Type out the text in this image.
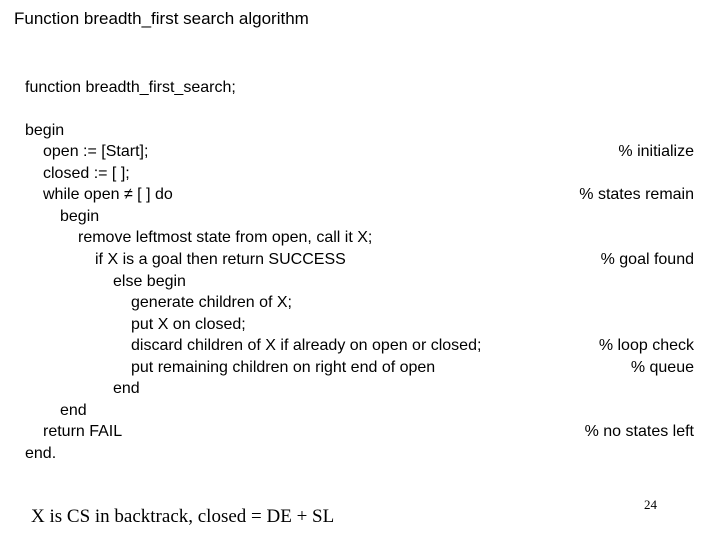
Function breadth_first search algorithm
function breadth_first_search;
begin
open := [Start];
closed := [ ];
while open ≠ [ ] do
begin
remove leftmost state from open, call it X;
if X is a goal then return SUCCESS
else begin
generate children of X;
put X on closed;
discard children of X if already on open or closed;
put remaining children on right end of open
end
end
return FAIL
end.
% initialize
% states remain
% goal found
% loop check
% queue
% no states left
X is CS in backtrack, closed = DE + SL
24
